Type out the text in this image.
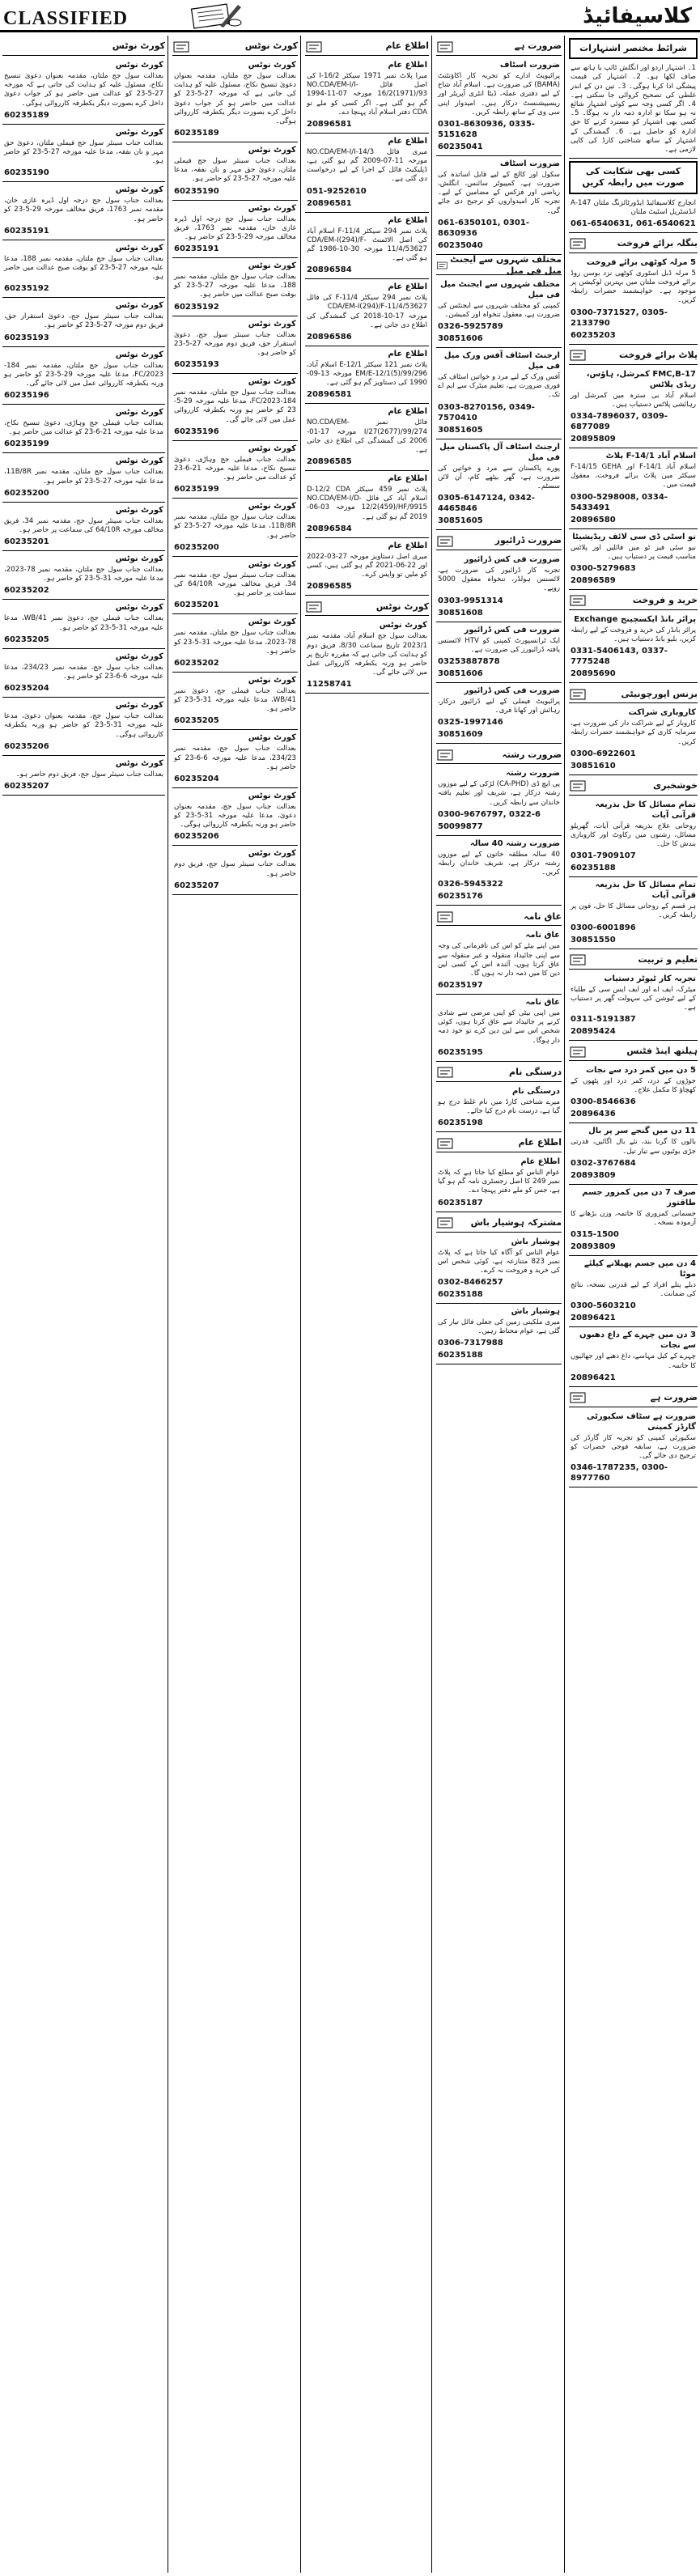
CLASSIFIED	کلاسیفائیڈ
کورٹ نوٹس
کورٹ نوٹس
بعدالت سول جج ملتان، مقدمہ بعنوان دعویٰ تنسیخ نکاح، مسئول علیہ کو ہدایت کی جاتی ہے کہ مورخہ 27-5-23 کو عدالت میں حاضر ہو کر جواب دعویٰ داخل کرے بصورت دیگر یکطرفہ کارروائی ہوگی۔
60235189
کورٹ نوٹس
بعدالت جناب سینئر سول جج فیملی ملتان، دعویٰ حق مہر و نان نفقہ، مدعا علیہ مورخہ 27-5-23 کو حاضر ہو۔
60235190
کورٹ نوٹس
بعدالت جناب سول جج درجہ اول ڈیرہ غازی خان، مقدمہ نمبر 1763، فریق مخالف مورخہ 29-5-23 کو حاضر ہو۔
60235191
کورٹ نوٹس
بعدالت جناب سول جج ملتان، مقدمہ نمبر 188، مدعا علیہ مورخہ 27-5-23 کو بوقت صبح عدالت میں حاضر ہو۔
60235192
کورٹ نوٹس
بعدالت جناب سینئر سول جج، دعویٰ استقرار حق، فریق دوم مورخہ 27-5-23 کو حاضر ہو۔
60235193
کورٹ نوٹس
بعدالت جناب سول جج ملتان، مقدمہ نمبر 184-FC/2023، مدعا علیہ مورخہ 29-5-23 کو حاضر ہو ورنہ یکطرفہ کارروائی عمل میں لائی جائے گی۔
60235196
کورٹ نوٹس
بعدالت جناب فیملی جج وہاڑی، دعویٰ تنسیخ نکاح، مدعا علیہ مورخہ 21-6-23 کو عدالت میں حاضر ہو۔
60235199
کورٹ نوٹس
بعدالت جناب سول جج ملتان، مقدمہ نمبر 11B/8R، مدعا علیہ مورخہ 27-5-23 کو حاضر ہو۔
60235200
کورٹ نوٹس
بعدالت جناب سینئر سول جج، مقدمہ نمبر 34، فریق مخالف مورخہ 64/10R کی سماعت پر حاضر ہو۔
60235201
کورٹ نوٹس
بعدالت جناب سول جج ملتان، مقدمہ نمبر 78-2023، مدعا علیہ مورخہ 31-5-23 کو حاضر ہو۔
60235202
کورٹ نوٹس
بعدالت جناب فیملی جج، دعویٰ نمبر 41/WB، مدعا علیہ مورخہ 31-5-23 کو حاضر ہو۔
60235205
کورٹ نوٹس
بعدالت جناب سول جج، مقدمہ نمبر 234/23، مدعا علیہ مورخہ 6-6-23 کو حاضر ہو۔
60235204
کورٹ نوٹس
بعدالت جناب سول جج، مقدمہ بعنوان دعویٰ، مدعا علیہ مورخہ 31-5-23 کو حاضر ہو ورنہ یکطرفہ کارروائی ہوگی۔
60235206
کورٹ نوٹس
بعدالت جناب سینئر سول جج، فریق دوم حاضر ہو۔
60235207
کورٹ نوٹس
کورٹ نوٹس
بعدالت سول جج ملتان، مقدمہ بعنوان دعویٰ تنسیخ نکاح، مسئول علیہ کو ہدایت کی جاتی ہے کہ مورخہ 27-5-23 کو عدالت میں حاضر ہو کر جواب دعویٰ داخل کرے بصورت دیگر یکطرفہ کارروائی ہوگی۔
60235189
کورٹ نوٹس
بعدالت جناب سینئر سول جج فیملی ملتان، دعویٰ حق مہر و نان نفقہ، مدعا علیہ مورخہ 27-5-23 کو حاضر ہو۔
60235190
کورٹ نوٹس
بعدالت جناب سول جج درجہ اول ڈیرہ غازی خان، مقدمہ نمبر 1763، فریق مخالف مورخہ 29-5-23 کو حاضر ہو۔
60235191
کورٹ نوٹس
بعدالت جناب سول جج ملتان، مقدمہ نمبر 188، مدعا علیہ مورخہ 27-5-23 کو بوقت صبح عدالت میں حاضر ہو۔
60235192
کورٹ نوٹس
بعدالت جناب سینئر سول جج، دعویٰ استقرار حق، فریق دوم مورخہ 27-5-23 کو حاضر ہو۔
60235193
کورٹ نوٹس
بعدالت جناب سول جج ملتان، مقدمہ نمبر 184-FC/2023، مدعا علیہ مورخہ 29-5-23 کو حاضر ہو ورنہ یکطرفہ کارروائی عمل میں لائی جائے گی۔
60235196
کورٹ نوٹس
بعدالت جناب فیملی جج وہاڑی، دعویٰ تنسیخ نکاح، مدعا علیہ مورخہ 21-6-23 کو عدالت میں حاضر ہو۔
60235199
کورٹ نوٹس
بعدالت جناب سول جج ملتان، مقدمہ نمبر 11B/8R، مدعا علیہ مورخہ 27-5-23 کو حاضر ہو۔
60235200
کورٹ نوٹس
بعدالت جناب سینئر سول جج، مقدمہ نمبر 34، فریق مخالف مورخہ 64/10R کی سماعت پر حاضر ہو۔
60235201
کورٹ نوٹس
بعدالت جناب سول جج ملتان، مقدمہ نمبر 78-2023، مدعا علیہ مورخہ 31-5-23 کو حاضر ہو۔
60235202
کورٹ نوٹس
بعدالت جناب فیملی جج، دعویٰ نمبر 41/WB، مدعا علیہ مورخہ 31-5-23 کو حاضر ہو۔
60235205
کورٹ نوٹس
بعدالت جناب سول جج، مقدمہ نمبر 234/23، مدعا علیہ مورخہ 6-6-23 کو حاضر ہو۔
60235204
کورٹ نوٹس
بعدالت جناب سول جج، مقدمہ بعنوان دعویٰ، مدعا علیہ مورخہ 31-5-23 کو حاضر ہو ورنہ یکطرفہ کارروائی ہوگی۔
60235206
کورٹ نوٹس
بعدالت جناب سینئر سول جج، فریق دوم حاضر ہو۔
60235207
اطلاع عام
اطلاع عام
میرا پلاٹ نمبر 1971 سیکٹر 16/2-I کی اصل فائل NO.CDA/EM-I/I-16/2(1971)/93 مورخہ 07-11-1994 گم ہو گئی ہے۔ اگر کسی کو ملے تو CDA دفتر اسلام آباد پہنچا دے۔
20896581
اطلاع عام
میری فائل NO.CDA/EM-I/I-14/3 مورخہ 11-07-2009 گم ہو گئی ہے، ڈپلیکیٹ فائل کے اجرا کے لیے درخواست دی گئی ہے۔
051-9252610
20896581
اطلاع عام
پلاٹ نمبر 294 سیکٹر 11/4-F اسلام آباد کی اصل الاٹمنٹ CDA/EM-I(294)/F-11/4/53627 مورخہ 30-10-1986 گم ہو گئی ہے۔
20896584
اطلاع عام
پلاٹ نمبر 294 سیکٹر F-11/4 کی فائل CDA/EM-I(294)/F-11/4/53627 مورخہ 17-10-2018 کی گمشدگی کی اطلاع دی جاتی ہے۔
20896586
اطلاع عام
پلاٹ نمبر 121 سیکٹر E-12/1 اسلام آباد، EM/E-12/1(5)/99/296 مورخہ 13-09-1990 کی دستاویز گم ہو گئی ہے۔
20896581
اطلاع عام
فائل نمبر NO.CDA/EM-I/27(2677)/99/274 مورخہ 17-01-2006 کی گمشدگی کی اطلاع دی جاتی ہے۔
20896585
اطلاع عام
پلاٹ نمبر 459 سیکٹر D-12/2 CDA اسلام آباد کی فائل NO.CDA/EM-I/D-12/2(459)/HF/9915 مورخہ 03-06-2019 گم ہو گئی ہے۔
20896584
اطلاع عام
میری اصل دستاویز مورخہ 27-03-2022 اور 22-06-2021 گم ہو گئی ہیں، کسی کو ملیں تو واپس کرے۔
20896585
کورٹ نوٹس
کورٹ نوٹس
بعدالت سول جج اسلام آباد، مقدمہ نمبر 2023/1 تاریخ سماعت 8/30، فریق دوم کو ہدایت کی جاتی ہے کہ مقررہ تاریخ پر حاضر ہو ورنہ یکطرفہ کارروائی عمل میں لائی جائے گی۔
11258741
ضرورت ہے
ضرورت اسٹاف
پرائیویٹ ادارے کو تجربہ کار اکاؤنٹنٹ (BAMA) کی ضرورت ہے۔ اسلام آباد شاخ کے لیے دفتری عملہ، ڈیٹا انٹری آپریٹر اور ریسیپشنسٹ درکار ہیں۔ امیدوار اپنی سی وی کے ساتھ رابطہ کریں۔
0301-8630936, 0335-5151628
60235041
ضرورت اسٹاف
سکول اور کالج کے لیے قابل اساتذہ کی ضرورت ہے، کمپیوٹر سائنس، انگلش، ریاضی اور فزکس کے مضامین کے لیے۔ تجربہ کار امیدواروں کو ترجیح دی جائے گی۔
061-6350101, 0301-8630936
60235040
مختلف شہروں سے ایجنٹ میل فی میل
مختلف شہروں سے ایجنٹ میل فی میل
کمپنی کو مختلف شہروں سے ایجنٹس کی ضرورت ہے، معقول تنخواہ اور کمیشن۔
0326-5925789
30851606
ارجنٹ اسٹاف آفس ورک میل فی میل
آفس ورک کے لیے مرد و خواتین اسٹاف کی فوری ضرورت ہے، تعلیم میٹرک سے ایم اے تک۔
0303-8270156, 0349-7570410
30851605
ارجنٹ اسٹاف آل پاکستان میل فی میل
پورے پاکستان سے مرد و خواتین کی ضرورت ہے، گھر بیٹھے کام، آن لائن سسٹم۔
0305-6147124, 0342-4465846
30851605
ضرورت ڈرائیور
ضرورت فی کس ڈرائیور
تجربہ کار ڈرائیور کی ضرورت ہے، لائسنس ہولڈر، تنخواہ معقول 5000 روپے۔
0303-9951314
30851608
ضرورت فی کس ڈرائیور
ایک ٹرانسپورٹ کمپنی کو HTV لائسنس یافتہ ڈرائیورز کی ضرورت ہے۔
03253887878
30851606
ضرورت فی کس ڈرائیور
پرائیویٹ فیملی کے لیے ڈرائیور درکار، رہائش اور کھانا فری۔
0325-1997146
30851609
ضرورت رشتہ
ضرورت رشتہ
پی ایچ ڈی (CA-PHD) لڑکی کے لیے موزوں رشتہ درکار ہے، شریف اور تعلیم یافتہ خاندان سے رابطہ کریں۔
0300-9676797, 0322-6
50099877
ضرورت رشتہ 40 سالہ
40 سالہ مطلقہ خاتون کے لیے موزوں رشتہ درکار ہے، شریف خاندان رابطہ کریں۔
0326-5945322
60235176
عاق نامہ
عاق نامہ
میں اپنے بیٹے کو اس کی نافرمانی کی وجہ سے اپنی جائیداد منقولہ و غیر منقولہ سے عاق کرتا ہوں، آئندہ اس کے کسی لین دین کا میں ذمہ دار نہ ہوں گا۔
60235197
عاق نامہ
میں اپنی بیٹی کو اپنی مرضی سے شادی کرنے پر جائیداد سے عاق کرتا ہوں، کوئی شخص اس سے لین دین کرے تو خود ذمہ دار ہوگا۔
60235195
درستگی نام
درستگی نام
میرے شناختی کارڈ میں نام غلط درج ہو گیا ہے، درست نام درج کیا جائے۔
60235198
اطلاع عام
اطلاع عام
عوام الناس کو مطلع کیا جاتا ہے کہ پلاٹ نمبر 249 کا اصل رجسٹری نامہ گم ہو گیا ہے، جس کو ملے دفتر پہنچا دے۔
60235187
مشترکہ ہوشیار باش
ہوشیار باش
عوام الناس کو آگاہ کیا جاتا ہے کہ پلاٹ نمبر 823 متنازعہ ہے، کوئی شخص اس کی خرید و فروخت نہ کرے۔
0302-8466257
60235188
ہوشیار باش
میری ملکیتی زمین کی جعلی فائل تیار کی گئی ہے، عوام محتاط رہیں۔
0306-7317988
60235188
شرائط مختصر اشتہارات
1۔ اشتہار اردو اور انگلش ٹائپ یا ہاتھ سے صاف لکھا ہو۔ 2۔ اشتہار کی قیمت پیشگی ادا کرنا ہوگی۔ 3۔ تین دن کے اندر غلطی کی تصحیح کروائی جا سکتی ہے۔ 4۔ اگر کسی وجہ سے کوئی اشتہار شائع نہ ہو سکا تو ادارہ ذمہ دار نہ ہوگا۔ 5۔ کسی بھی اشتہار کو مسترد کرنے کا حق ادارہ کو حاصل ہے۔ 6۔ گمشدگی کے اشتہار کے ساتھ شناختی کارڈ کی کاپی لازمی ہے۔
کسی بھی شکایت کی صورت میں رابطہ کریں
انچارج کلاسیفائیڈ ایڈورٹائزنگ ملتان 147-A انڈسٹریل اسٹیٹ ملتان
061-6540631, 061-6540621
بنگلہ برائے فروخت
5 مرلہ کوٹھی برائے فروخت
5 مرلہ ڈبل اسٹوری کوٹھی نزد بوسن روڈ برائے فروخت ملتان میں بہترین لوکیشن پر موجود ہے۔ خواہشمند حضرات رابطہ کریں۔
0300-7371527, 0305-2133790
60235203
پلاٹ برائے فروخت
FMC,B-17 کمرشل، ہاؤس، ریڈی پلاٹس
اسلام آباد بی سترہ میں کمرشل اور رہائشی پلاٹس دستیاب ہیں۔
0334-7896037, 0309-6877089
20895809
اسلام آباد 1/F-14 پلاٹ
اسلام آباد F-14/1 اور F-14/15 GEHA سیکٹر میں پلاٹ برائے فروخت، معقول قیمت میں۔
0300-5298008, 0334-5433491
20896580
نو اسٹی ڈی سی لائف ریڈیشیٹا
نیو سٹی فیز ٹو میں فائلیں اور پلاٹس مناسب قیمت پر دستیاب ہیں۔
0300-5279683
20896589
خرید و فروخت
پرائز بانڈ ایکسچینج Exchange
پرائز بانڈز کی خرید و فروخت کے لیے رابطہ کریں، بلیو بانڈ دستیاب ہیں۔
0331-5406143, 0337-7775248
20895690
بزنس اپورچونیٹی
کاروباری شراکت
کاروبار کے لیے شراکت دار کی ضرورت ہے، سرمایہ کاری کے خواہشمند حضرات رابطہ کریں۔
0300-6922601
30851610
خوشخبری
تمام مسائل کا حل بذریعہ قرآنی آیات
روحانی علاج بذریعہ قرآنی آیات، گھریلو مسائل، رشتوں میں رکاوٹ اور کاروباری بندش کا حل۔
0301-7909107
60235188
تمام مسائل کا حل بذریعہ قرآنی آیات
ہر قسم کے روحانی مسائل کا حل، فون پر رابطہ کریں۔
0300-6001896
30851550
تعلیم و تربیت
تجربہ کار ٹیوٹر دستیاب
میٹرک، ایف اے اور ایف ایس سی کے طلباء کے لیے ٹیوشن کی سہولت گھر پر دستیاب ہے۔
0311-5191387
20895424
ہیلتھ اینڈ فٹنس
5 دن میں کمر درد سے نجات
جوڑوں کے درد، کمر درد اور پٹھوں کے کھچاؤ کا مکمل علاج۔
0300-8546636
20896436
11 دن میں گنجے سر پر بال
بالوں کا گرنا بند، نئے بال اگائیں، قدرتی جڑی بوٹیوں سے تیار تیل۔
0302-3767684
20893809
صرف 7 دن میں کمزور جسم طاقتور
جسمانی کمزوری کا خاتمہ، وزن بڑھانے کا آزمودہ نسخہ۔
0315-1500
20893809
4 دن میں جسم پھیلانے کیلئے موٹا
دبلے پتلے افراد کے لیے قدرتی نسخہ، نتائج کی ضمانت۔
0300-5603210
20896421
3 دن میں چہرے کے داغ دھبوں سے نجات
چہرے کے کیل مہاسے، داغ دھبے اور جھائیوں کا خاتمہ۔
20896421
ضرورت ہے
ضرورت ہے سٹاف سکیورٹی گارڈز کمپنی
سکیورٹی کمپنی کو تجربہ کار گارڈز کی ضرورت ہے، سابقہ فوجی حضرات کو ترجیح دی جائے گی۔
0346-1787235, 0300-8977760
